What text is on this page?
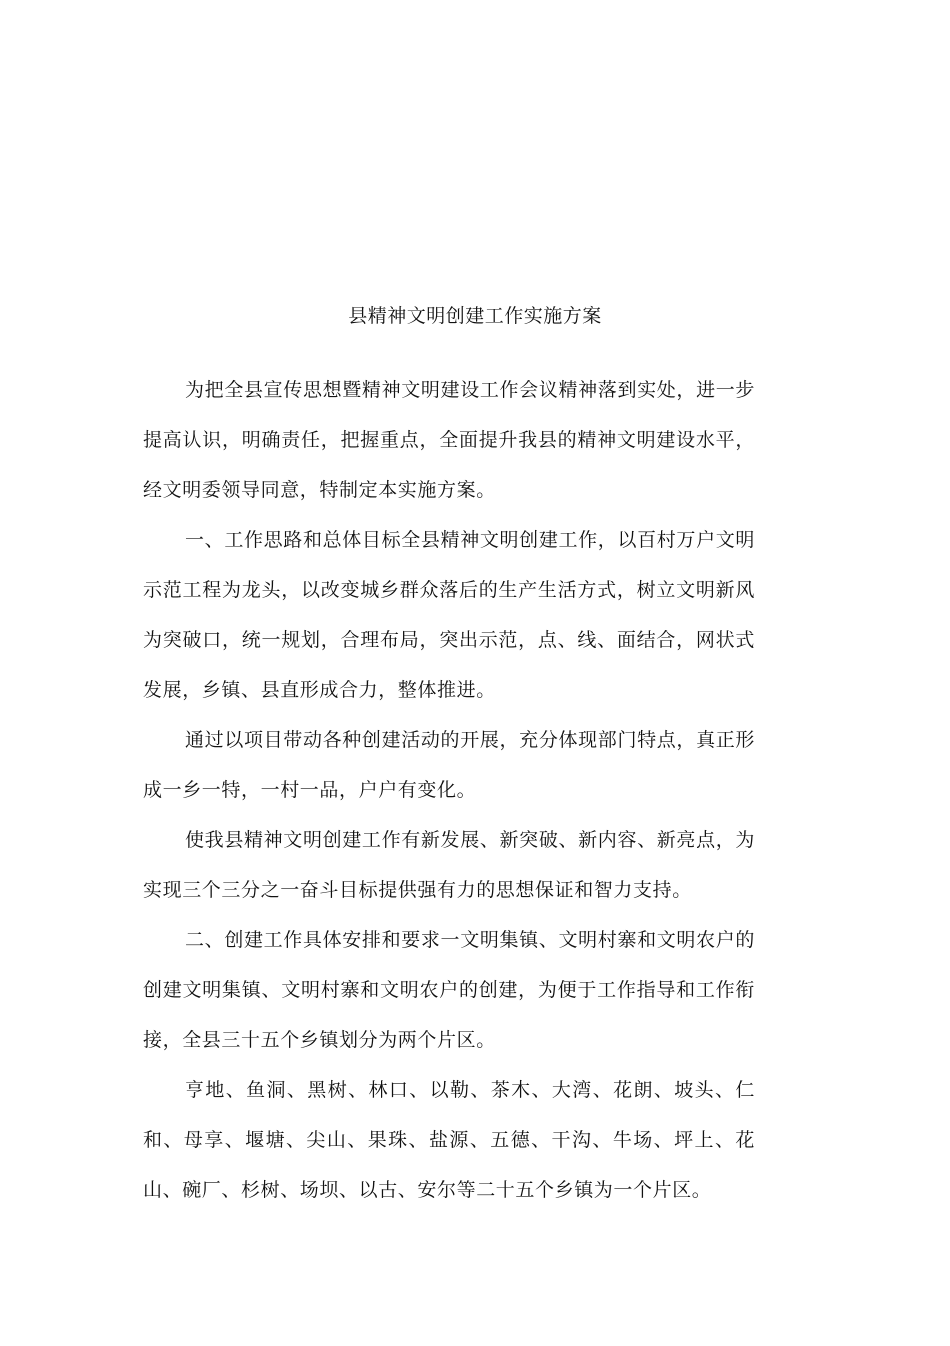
县精神文明创建工作实施方案

为把全县宣传思想暨精神文明建设工作会议精神落到实处，进一步提高认识，明确责任，把握重点，全面提升我县的精神文明建设水平，经文明委领导同意，特制定本实施方案。

一、工作思路和总体目标全县精神文明创建工作，以百村万户文明示范工程为龙头，以改变城乡群众落后的生产生活方式，树立文明新风为突破口，统一规划，合理布局，突出示范，点、线、面结合，网状式发展，乡镇、县直形成合力，整体推进。

通过以项目带动各种创建活动的开展，充分体现部门特点，真正形成一乡一特，一村一品，户户有变化。

使我县精神文明创建工作有新发展、新突破、新内容、新亮点，为实现三个三分之一奋斗目标提供强有力的思想保证和智力支持。

二、创建工作具体安排和要求一文明集镇、文明村寨和文明农户的创建文明集镇、文明村寨和文明农户的创建，为便于工作指导和工作衔接，全县三十五个乡镇划分为两个片区。

亨地、鱼洞、黑树、林口、以勒、茶木、大湾、花朗、坡头、仁和、母享、堰塘、尖山、果珠、盐源、五德、干沟、牛场、坪上、花山、碗厂、杉树、场坝、以古、安尔等二十五个乡镇为一个片区。
